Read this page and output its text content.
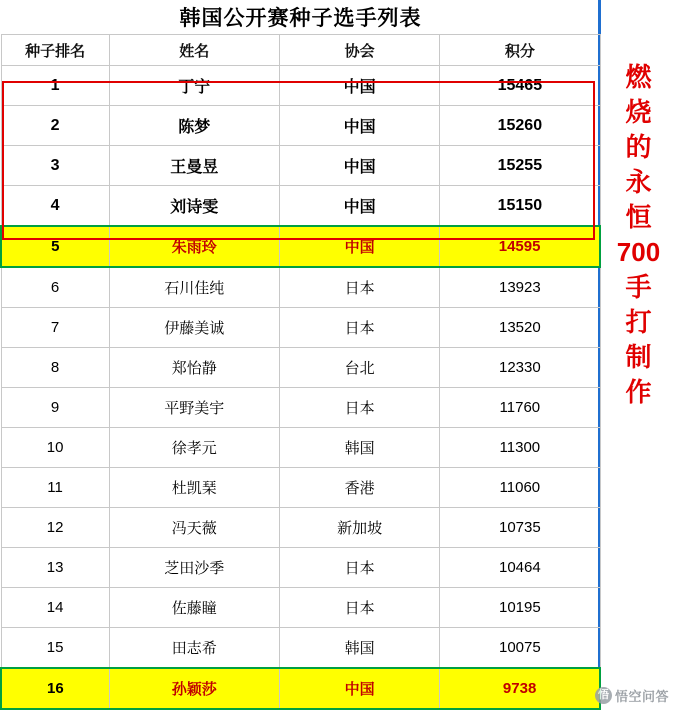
韩国公开赛种子选手列表			
种子排名	姓名	协会	积分
1	丁宁	中国	15465
2	陈梦	中国	15260
3	王曼昱	中国	15255
4	刘诗雯	中国	15150
5	朱雨玲	中国	14595
6	石川佳纯	日本	13923
7	伊藤美诚	日本	13520
8	郑怡静	台北	12330
9	平野美宇	日本	11760
10	徐孝元	韩国	11300
11	杜凯琹	香港	11060
12	冯天薇	新加坡	10735
13	芝田沙季	日本	10464
14	佐藤瞳	日本	10195
15	田志希	韩国	10075
16	孙颖莎	中国	9738
燃
烧
的
永
恒
700
手
打
制
作
悟 悟空问答
